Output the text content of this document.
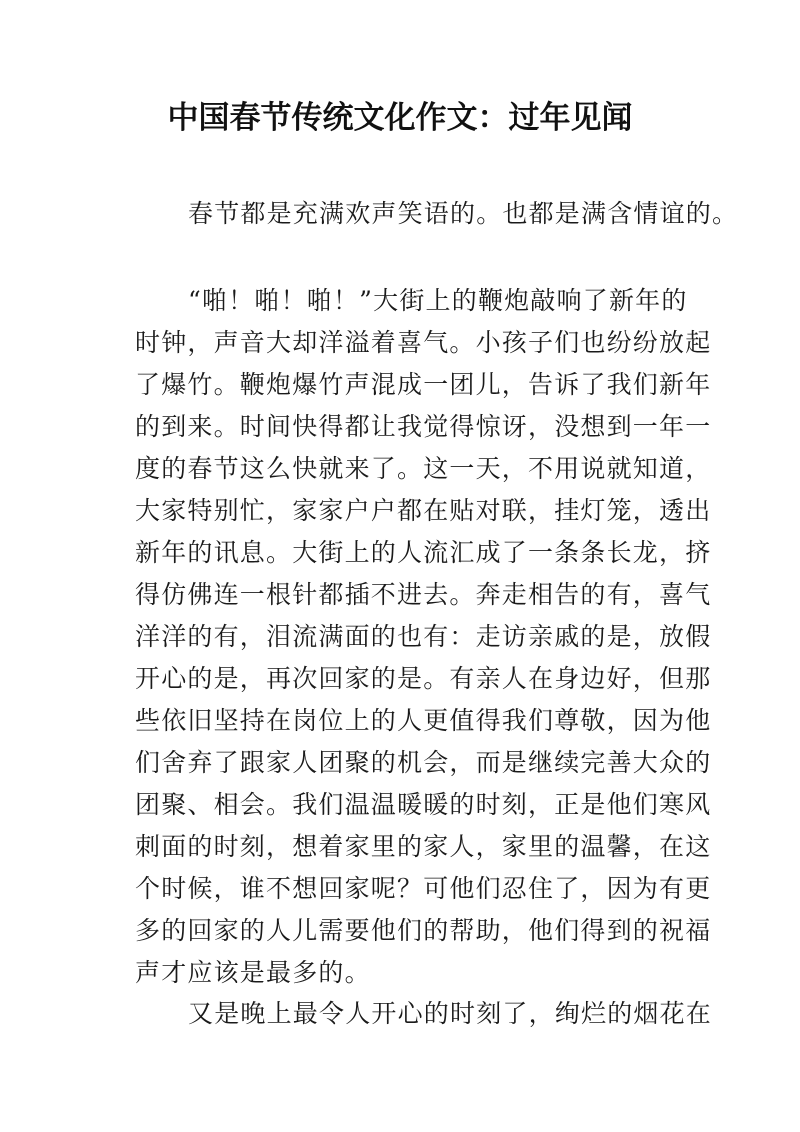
中国春节传统文化作文：过年见闻
春节都是充满欢声笑语的。也都是满含情谊的。
“啪！啪！啪！”大街上的鞭炮敲响了新年的
时钟，声音大却洋溢着喜气。小孩子们也纷纷放起
了爆竹。鞭炮爆竹声混成一团儿，告诉了我们新年
的到来。时间快得都让我觉得惊讶，没想到一年一
度的春节这么快就来了。这一天，不用说就知道，
大家特别忙，家家户户都在贴对联，挂灯笼，透出
新年的讯息。大街上的人流汇成了一条条长龙，挤
得仿佛连一根针都插不进去。奔走相告的有，喜气
洋洋的有，泪流满面的也有：走访亲戚的是，放假
开心的是，再次回家的是。有亲人在身边好，但那
些依旧坚持在岗位上的人更值得我们尊敬，因为他
们舍弃了跟家人团聚的机会，而是继续完善大众的
团聚、相会。我们温温暖暖的时刻，正是他们寒风
刺面的时刻，想着家里的家人，家里的温馨，在这
个时候，谁不想回家呢？可他们忍住了，因为有更
多的回家的人儿需要他们的帮助，他们得到的祝福
声才应该是最多的。
又是晚上最令人开心的时刻了，绚烂的烟花在
